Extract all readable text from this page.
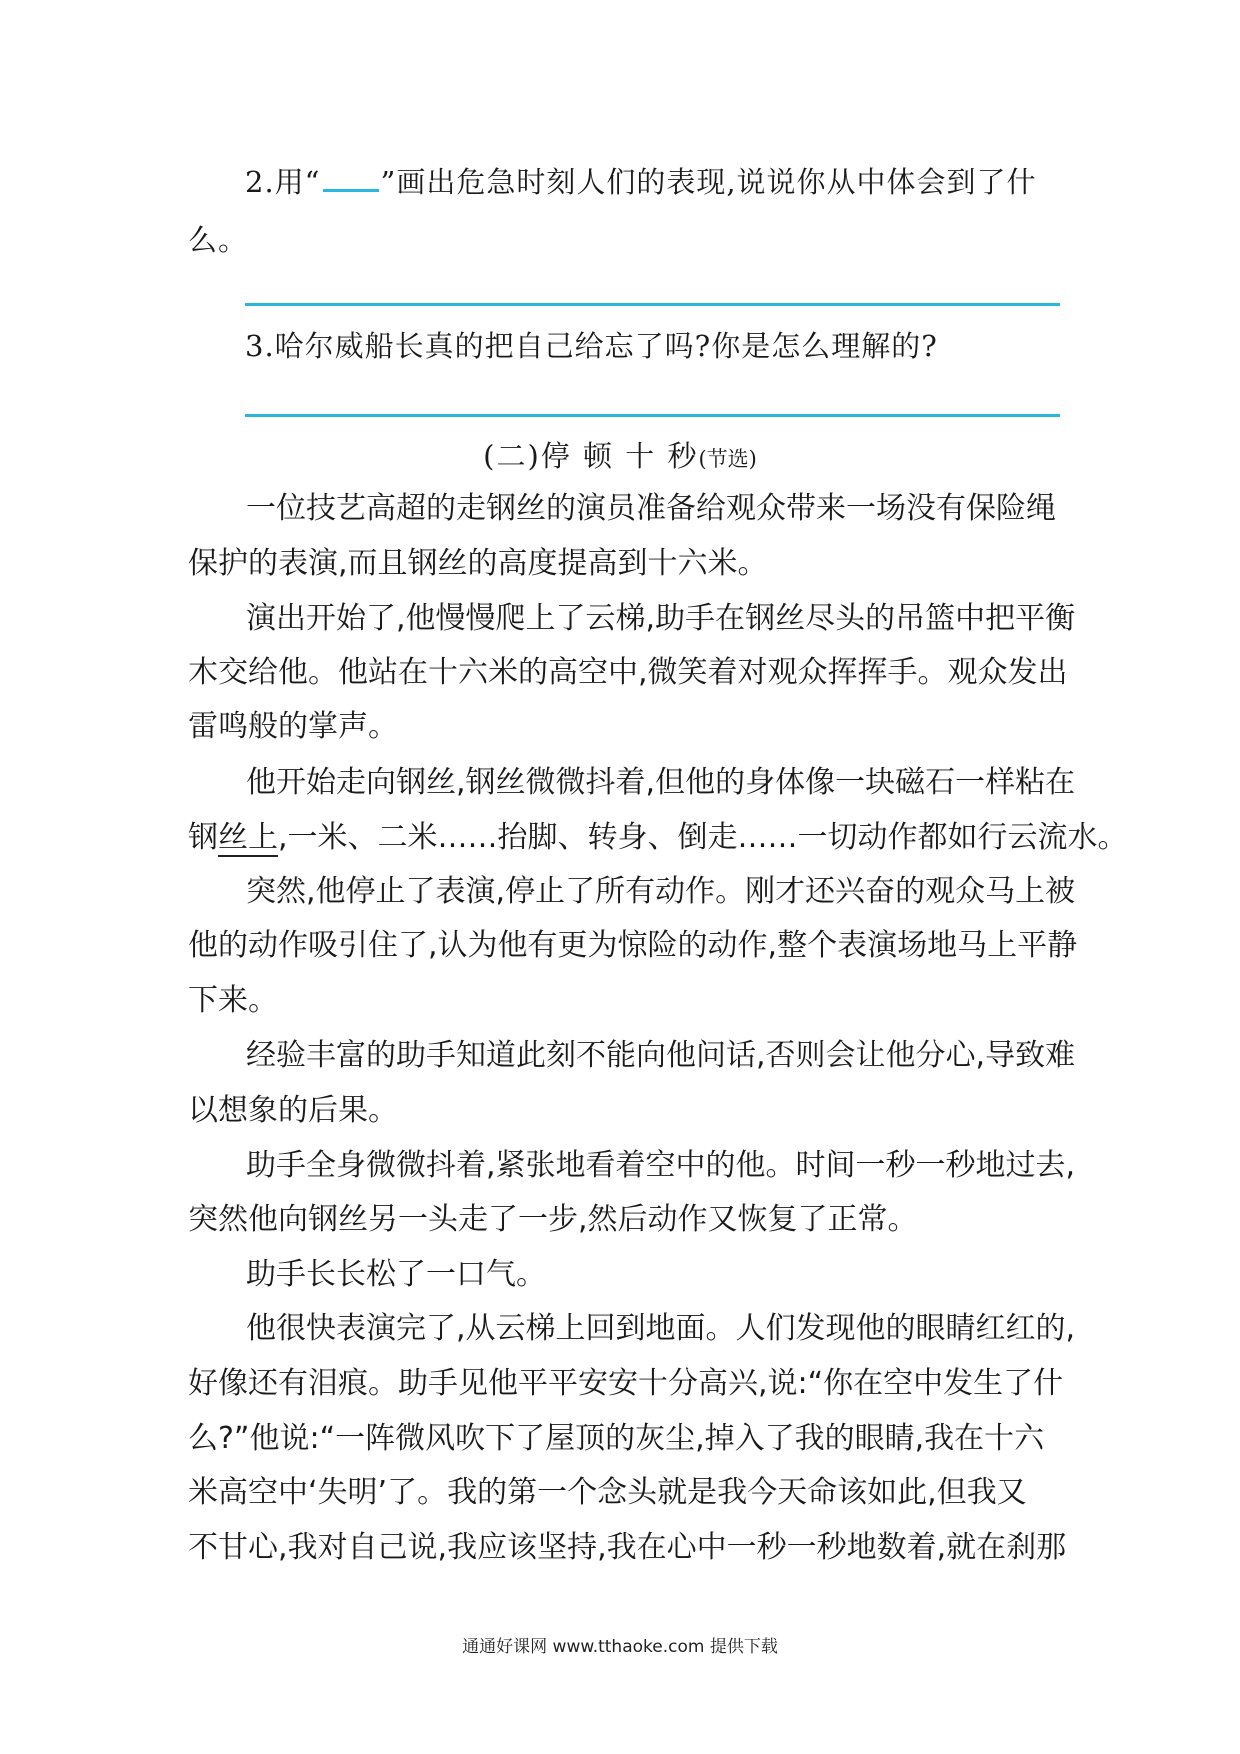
2.用“ ”画出危急时刻人们的表现,说说你从中体会到了什
么。
3.哈尔威船长真的把自己给忘了吗?你是怎么理解的?
(二)停 顿 十 秒(节选)
一位技艺高超的走钢丝的演员准备给观众带来一场没有保险绳
保护的表演,而且钢丝的高度提高到十六米。
演出开始了,他慢慢爬上了云梯,助手在钢丝尽头的吊篮中把平衡
木交给他。他站在十六米的高空中,微笑着对观众挥挥手。观众发出
雷鸣般的掌声。
他开始走向钢丝,钢丝微微抖着,但他的身体像一块磁石一样粘在
钢丝上,一米、二米……抬脚、转身、倒走……一切动作都如行云流水。
突然,他停止了表演,停止了所有动作。刚才还兴奋的观众马上被
他的动作吸引住了,认为他有更为惊险的动作,整个表演场地马上平静
下来。
经验丰富的助手知道此刻不能向他问话,否则会让他分心,导致难
以想象的后果。
助手全身微微抖着,紧张地看着空中的他。时间一秒一秒地过去,
突然他向钢丝另一头走了一步,然后动作又恢复了正常。
助手长长松了一口气。
他很快表演完了,从云梯上回到地面。人们发现他的眼睛红红的,
好像还有泪痕。助手见他平平安安十分高兴,说:“你在空中发生了什
么?”他说:“一阵微风吹下了屋顶的灰尘,掉入了我的眼睛,我在十六
米高空中‘失明’了。我的第一个念头就是我今天命该如此,但我又
不甘心,我对自己说,我应该坚持,我在心中一秒一秒地数着,就在刹那
通通好课网 www.tthaoke.com 提供下载
